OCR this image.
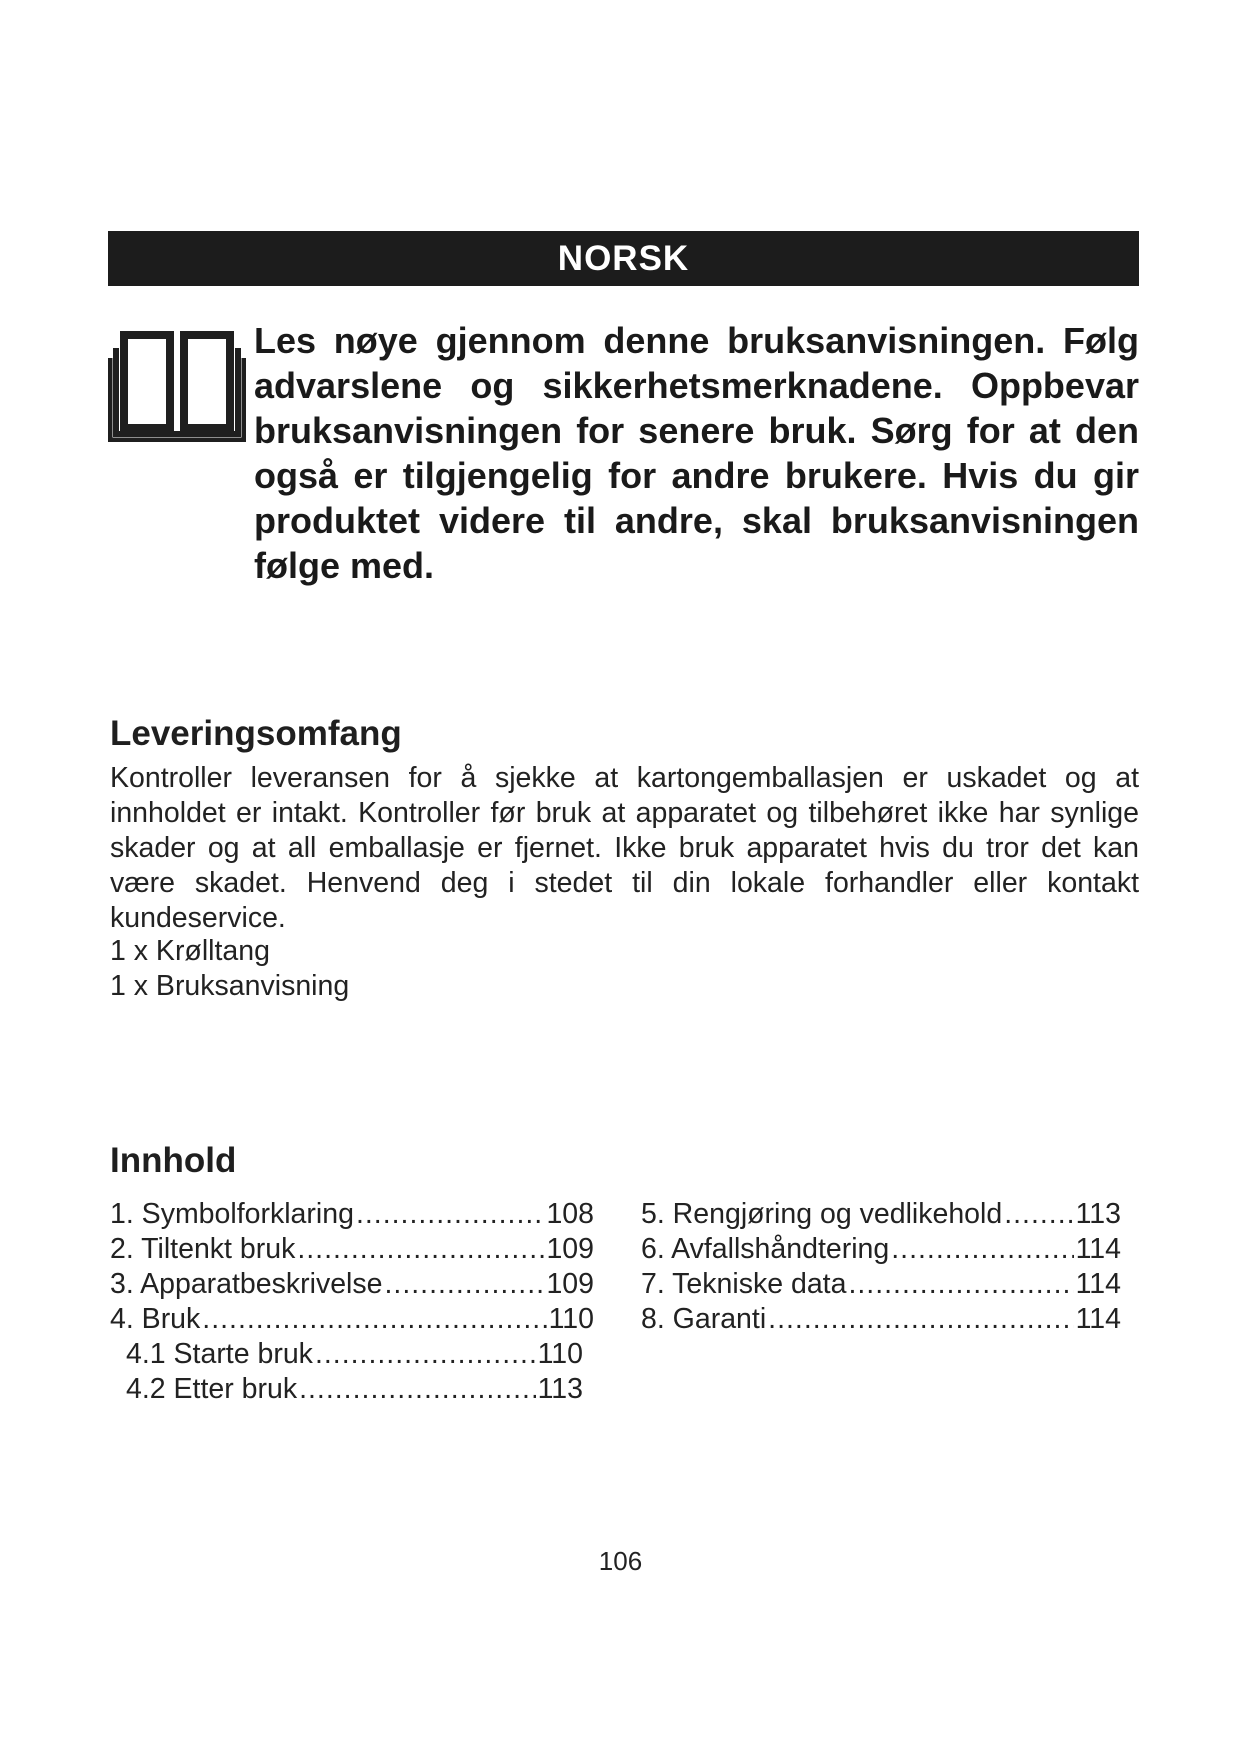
NORSK

Les nøye gjennom denne bruksanvisningen. Følg advarslene og sikkerhetsmerknadene. Oppbevar bruksanvisningen for senere bruk. Sørg for at den også er tilgjengelig for andre brukere. Hvis du gir produktet videre til andre, skal bruksanvisningen følge med.

Leveringsomfang

Kontroller leveransen for å sjekke at kartongemballasjen er uskadet og at innholdet er intakt. Kontroller før bruk at apparatet og tilbehøret ikke har synlige skader og at all emballasje er fjernet. Ikke bruk apparatet hvis du tror det kan være skadet. Henvend deg i stedet til din lokale forhandler eller kontakt kundeservice.

1 x Krølltang
1 x Bruksanvisning
Innhold
1. Symbolforklaring .....	108
2. Tiltenkt bruk .....	109
3. Apparatbeskrivelse .....	109
4. Bruk .....	110
4.1 Starte bruk .....	110
4.2 Etter bruk .....	113
5. Rengjøring og vedlikehold .....	113
6. Avfallshåndtering .....	114
7. Tekniske data .....	114
8. Garanti .....	114

106
